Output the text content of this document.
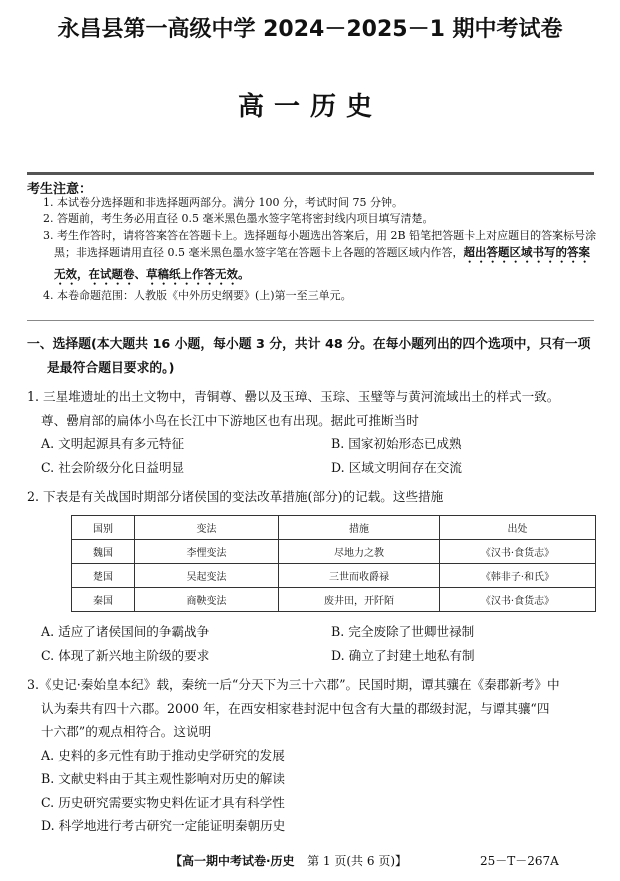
永昌县第一高级中学 2024－2025－1 期中考试卷
高一历史
考生注意：
1. 本试卷分选择题和非选择题两部分。满分 100 分，考试时间 75 分钟。
2. 答题前，考生务必用直径 0.5 毫米黑色墨水签字笔将密封线内项目填写清楚。
3. 考生作答时，请将答案答在答题卡上。选择题每小题选出答案后，用 2B 铅笔把答题卡上对应题目的答案标号涂黑；非选择题请用直径 0.5 毫米黑色墨水签字笔在答题卡上各题的答题区域内作答，超出答题区域书写的答案无效，在试题卷、草稿纸上作答无效。
4. 本卷命题范围：人教版《中外历史纲要》(上)第一至三单元。
一、选择题(本大题共 16 小题，每小题 3 分，共计 48 分。在每小题列出的四个选项中，只有一项
是最符合题目要求的。)
1. 三星堆遗址的出土文物中，青铜尊、罍以及玉璋、玉琮、玉璧等与黄河流域出土的样式一致。
尊、罍肩部的扁体小鸟在长江中下游地区也有出现。据此可推断当时
A. 文明起源具有多元特征	B. 国家初始形态已成熟
C. 社会阶级分化日益明显	D. 区域文明间存在交流
2. 下表是有关战国时期部分诸侯国的变法改革措施(部分)的记载。这些措施
国别	变法	措施	出处
魏国	李悝变法	尽地力之教	《汉书·食货志》
楚国	吴起变法	三世而收爵禄	《韩非子·和氏》
秦国	商鞅变法	废井田，开阡陌	《汉书·食货志》
A. 适应了诸侯国间的争霸战争	B. 完全废除了世卿世禄制
C. 体现了新兴地主阶级的要求	D. 确立了封建土地私有制
3.《史记·秦始皇本纪》载，秦统一后“分天下为三十六郡”。民国时期，谭其骧在《秦郡新考》中
认为秦共有四十六郡。2000 年，在西安相家巷封泥中包含有大量的郡级封泥，与谭其骧“四
十六郡”的观点相符合。这说明
A. 史料的多元性有助于推动史学研究的发展
B. 文献史料由于其主观性影响对历史的解读
C. 历史研究需要实物史料佐证才具有科学性
D. 科学地进行考古研究一定能证明秦朝历史
【高一期中考试卷·历史 第 1 页(共 6 页)】	25－T－267A
